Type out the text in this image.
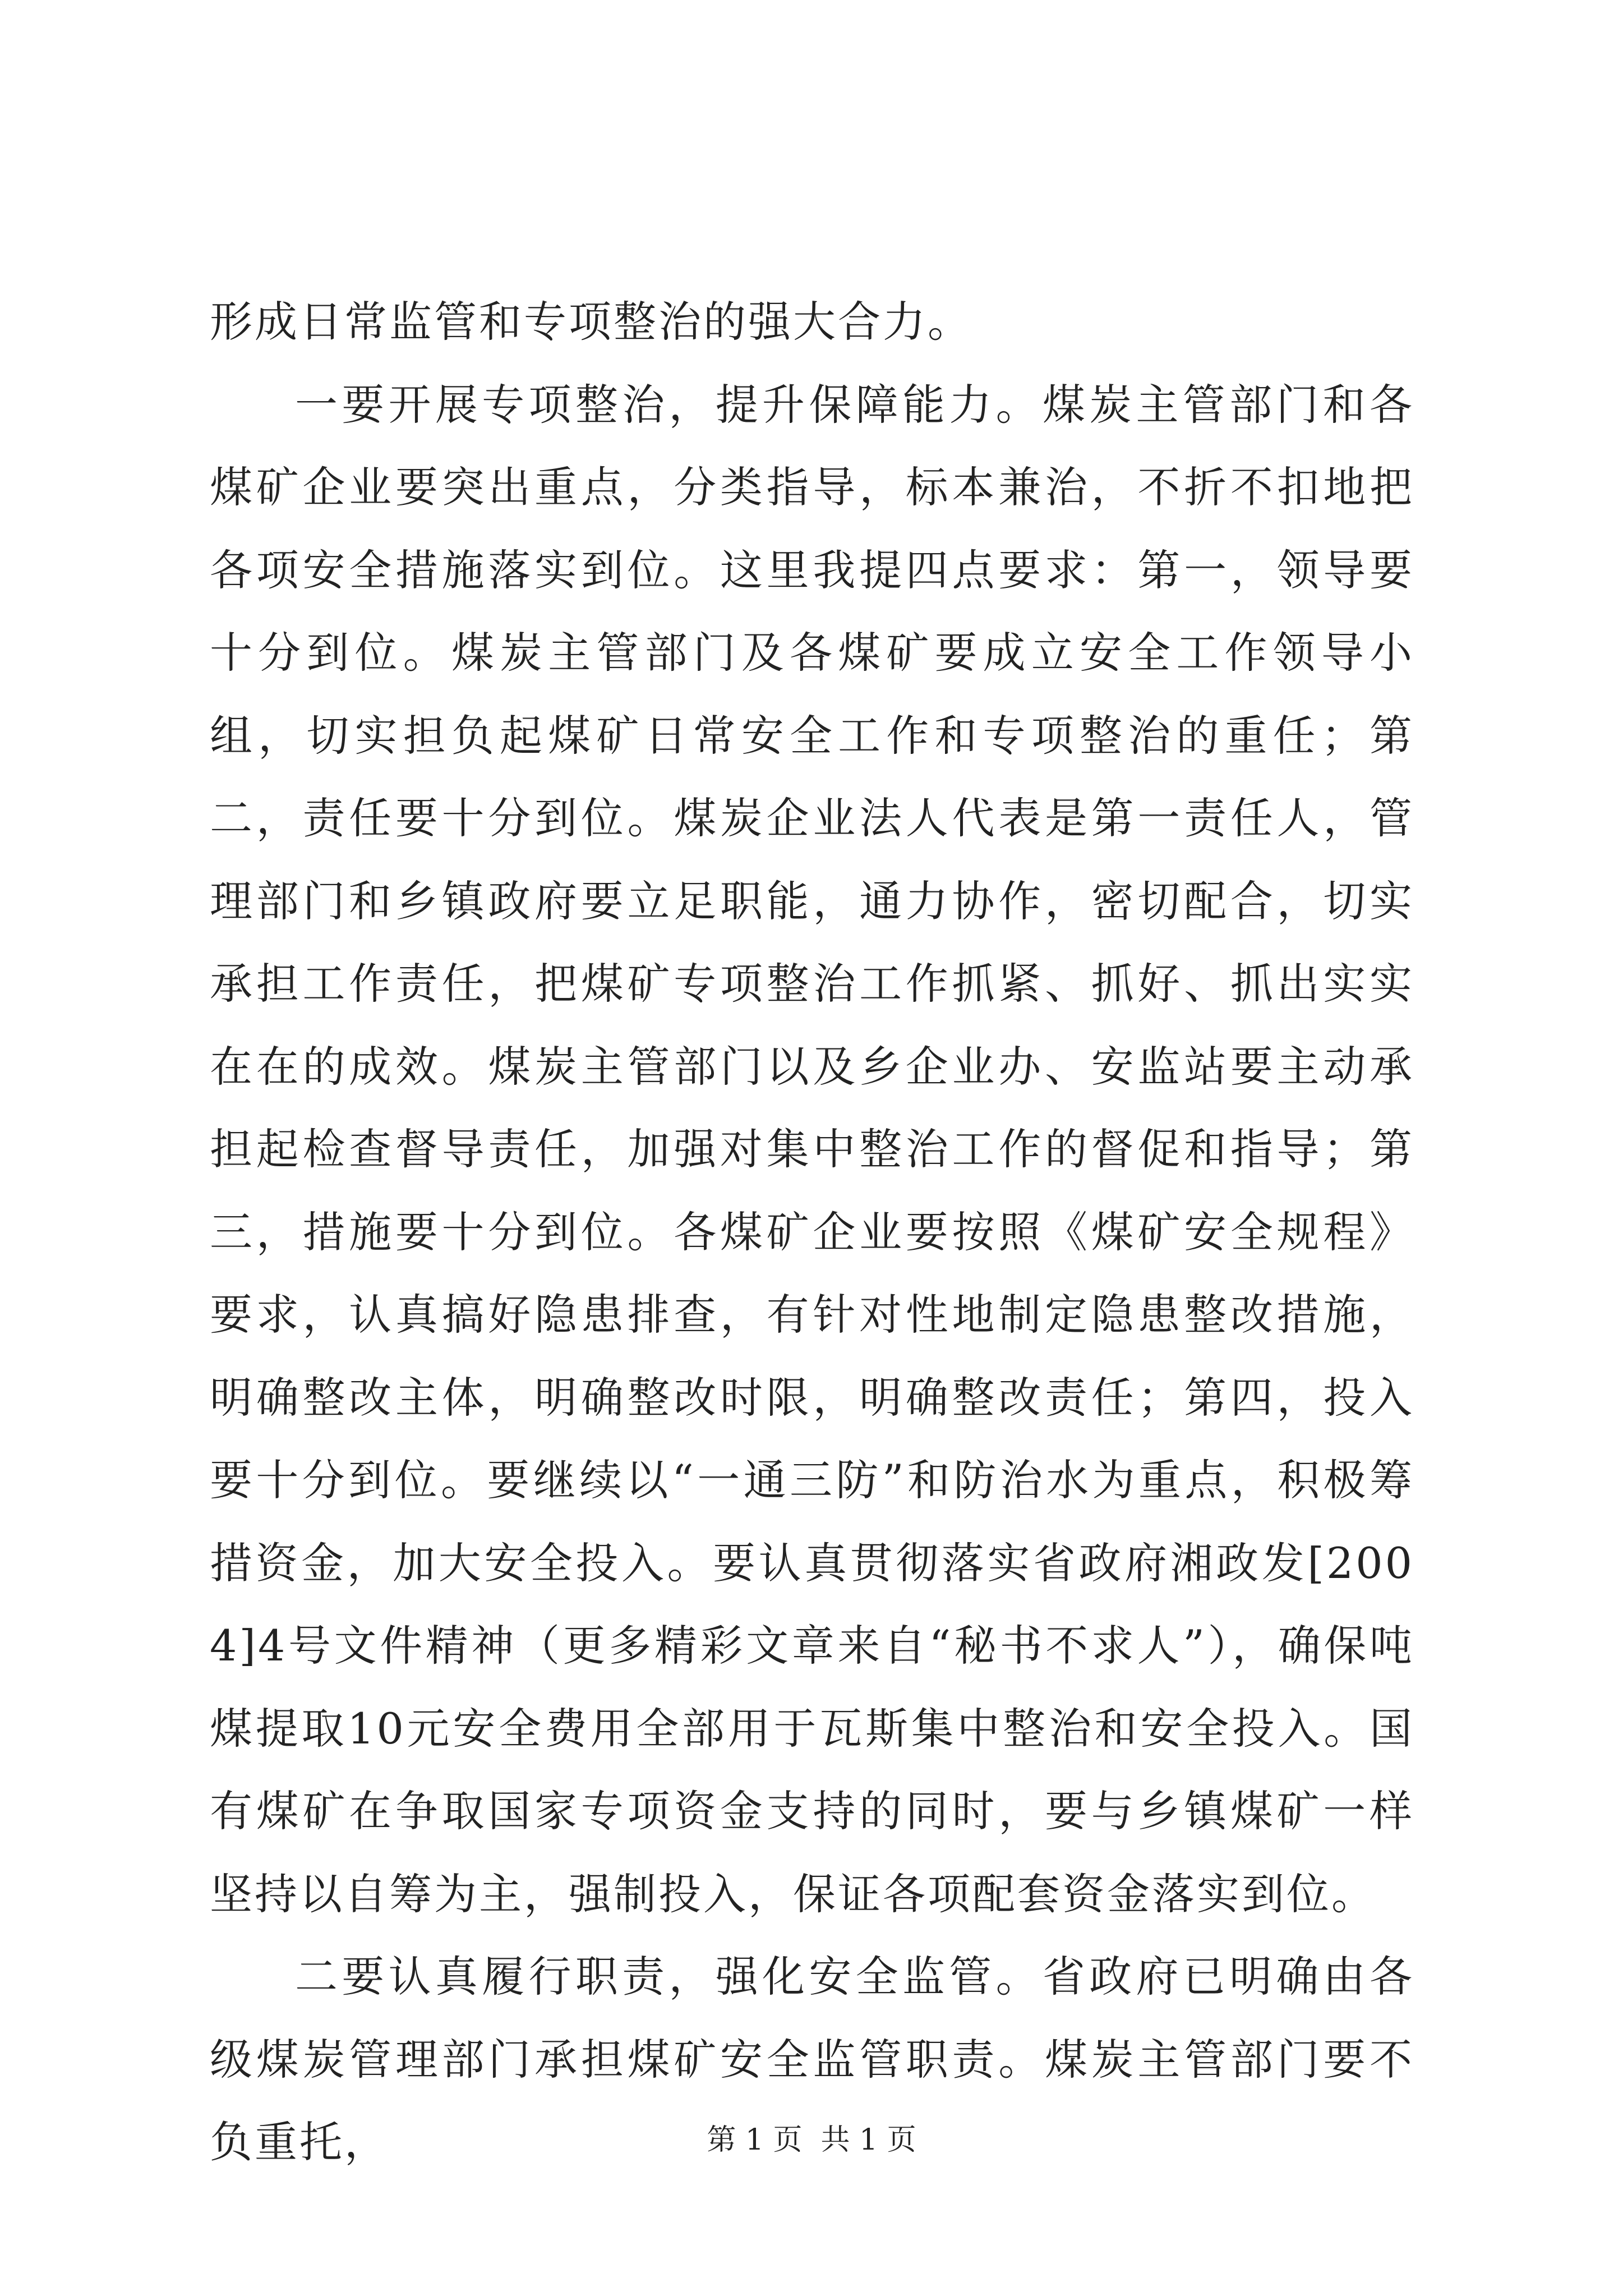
形成日常监管和专项整治的强大合力。

一要开展专项整治，提升保障能力。煤炭主管部门和各煤矿企业要突出重点，分类指导，标本兼治，不折不扣地把各项安全措施落实到位。这里我提四点要求：第一，领导要十分到位。煤炭主管部门及各煤矿要成立安全工作领导小组，切实担负起煤矿日常安全工作和专项整治的重任；第二，责任要十分到位。煤炭企业法人代表是第一责任人，管理部门和乡镇政府要立足职能，通力协作，密切配合，切实承担工作责任，把煤矿专项整治工作抓紧、抓好、抓出实实在在的成效。煤炭主管部门以及乡企业办、安监站要主动承担起检查督导责任，加强对集中整治工作的督促和指导；第三，措施要十分到位。各煤矿企业要按照《煤矿安全规程》要求，认真搞好隐患排查，有针对性地制定隐患整改措施，明确整改主体，明确整改时限，明确整改责任；第四，投入要十分到位。要继续以“一通三防”和防治水为重点，积极筹措资金，加大安全投入。要认真贯彻落实省政府湘政发[2004]4号文件精神（更多精彩文章来自“秘书不求人”），确保吨煤提取10元安全费用全部用于瓦斯集中整治和安全投入。国有煤矿在争取国家专项资金支持的同时，要与乡镇煤矿一样坚持以自筹为主，强制投入，保证各项配套资金落实到位。

二要认真履行职责，强化安全监管。省政府已明确由各级煤炭管理部门承担煤矿安全监管职责。煤炭主管部门要不负重托，	第 1 页  共 1 页
